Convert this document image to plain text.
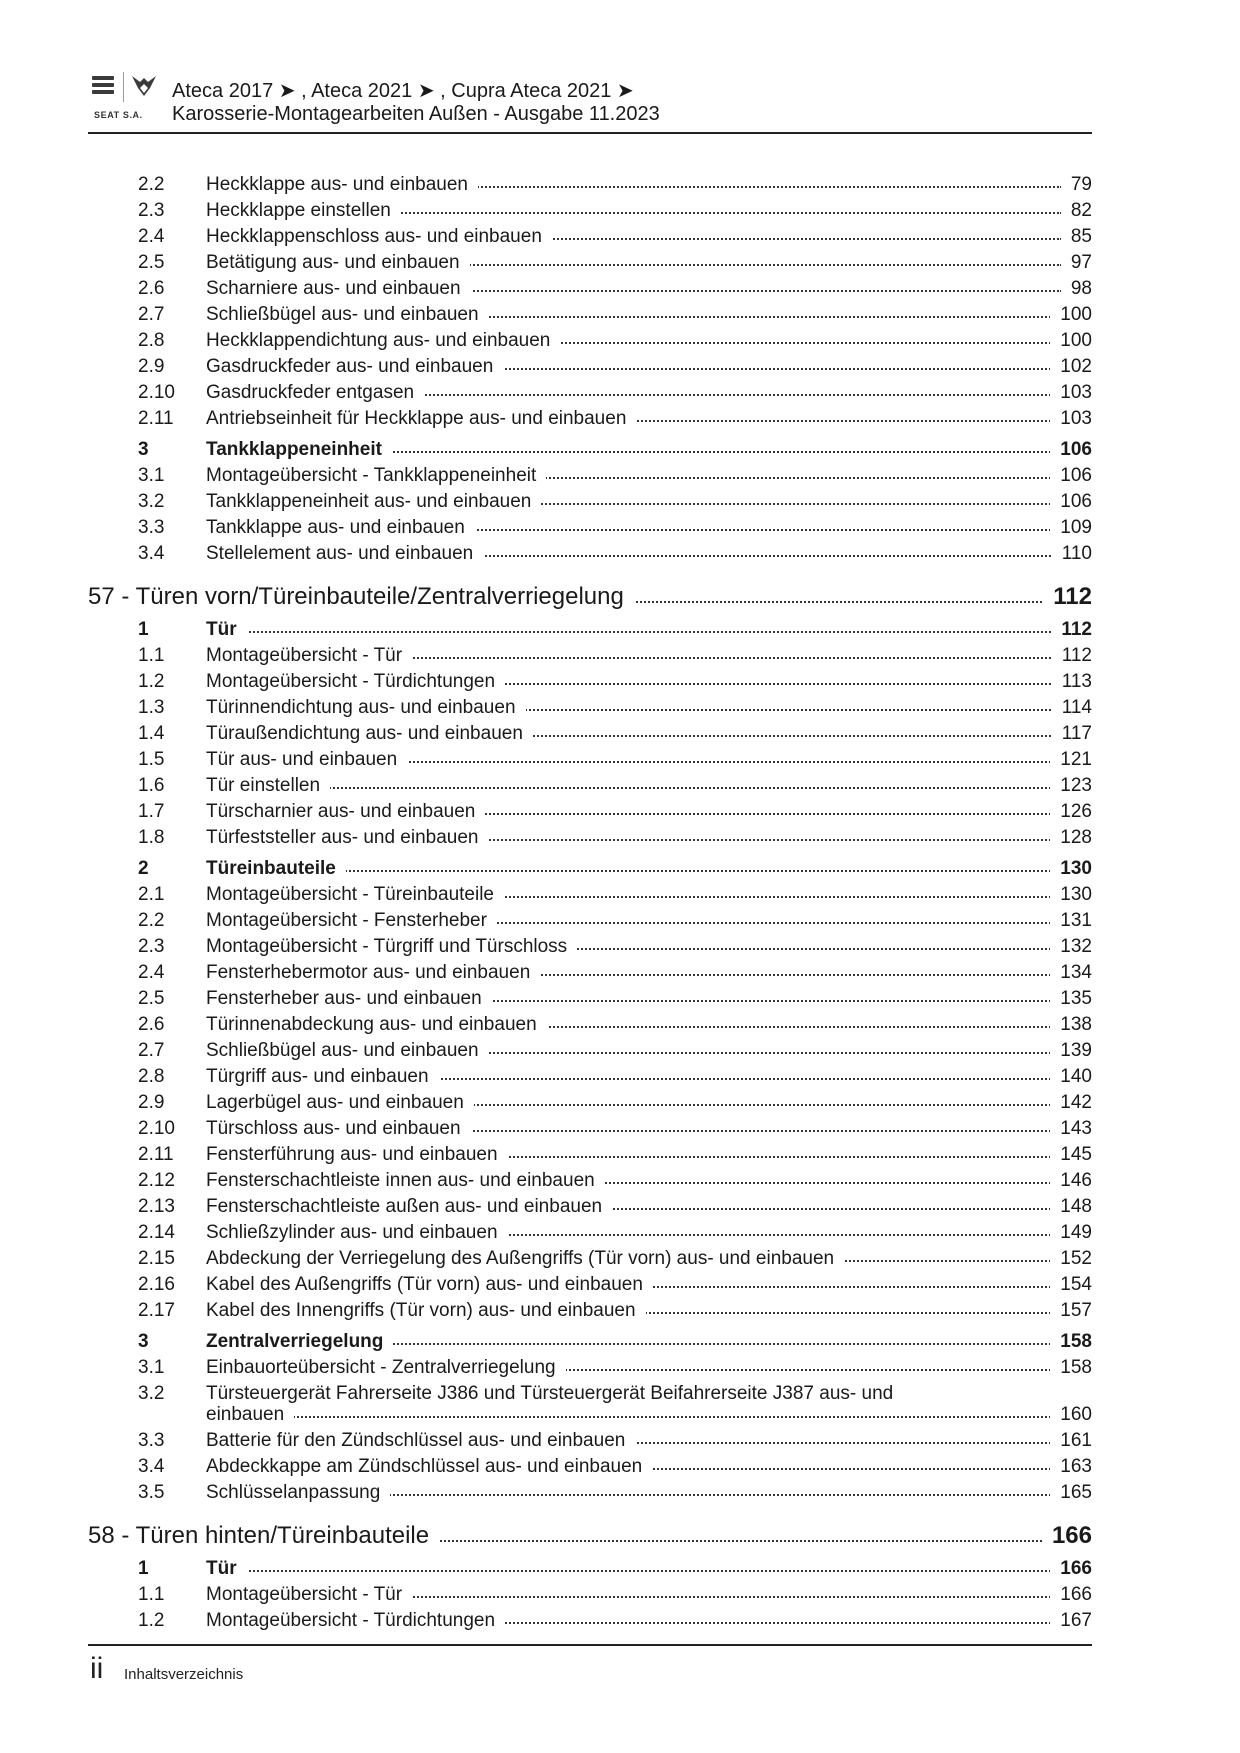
SEAT S.A.
Ateca 2017 ➤ , Ateca 2021 ➤ , Cupra Ateca 2021 ➤
Karosserie-Montagearbeiten Außen - Ausgabe 11.2023
2.2 Heckklappe aus- und einbauen	79
2.3 Heckklappe einstellen	82
2.4 Heckklappenschloss aus- und einbauen	85
2.5 Betätigung aus- und einbauen	97
2.6 Scharniere aus- und einbauen	98
2.7 Schließbügel aus- und einbauen	100
2.8 Heckklappendichtung aus- und einbauen	100
2.9 Gasdruckfeder aus- und einbauen	102
2.10 Gasdruckfeder entgasen	103
2.11 Antriebseinheit für Heckklappe aus- und einbauen	103
3	Tankklappeneinheit	106
3.1 Montageübersicht - Tankklappeneinheit	106
3.2 Tankklappeneinheit aus- und einbauen	106
3.3 Tankklappe aus- und einbauen	109
3.4 Stellelement aus- und einbauen	110
57 - Türen vorn/Türeinbauteile/Zentralverriegelung	112
1	Tür	112
1.1 Montageübersicht - Tür	112
1.2 Montageübersicht - Türdichtungen	113
1.3 Türinnendichtung aus- und einbauen	114
1.4 Türaußendichtung aus- und einbauen	117
1.5 Tür aus- und einbauen	121
1.6 Tür einstellen	123
1.7 Türscharnier aus- und einbauen	126
1.8 Türfeststeller aus- und einbauen	128
2	Türeinbauteile	130
2.1 Montageübersicht - Türeinbauteile	130
2.2 Montageübersicht - Fensterheber	131
2.3 Montageübersicht - Türgriff und Türschloss	132
2.4 Fensterhebermotor aus- und einbauen	134
2.5 Fensterheber aus- und einbauen	135
2.6 Türinnenabdeckung aus- und einbauen	138
2.7 Schließbügel aus- und einbauen	139
2.8 Türgriff aus- und einbauen	140
2.9 Lagerbügel aus- und einbauen	142
2.10 Türschloss aus- und einbauen	143
2.11 Fensterführung aus- und einbauen	145
2.12 Fensterschachtleiste innen aus- und einbauen	146
2.13 Fensterschachtleiste außen aus- und einbauen	148
2.14 Schließzylinder aus- und einbauen	149
2.15 Abdeckung der Verriegelung des Außengriffs (Tür vorn) aus- und einbauen	152
2.16 Kabel des Außengriffs (Tür vorn) aus- und einbauen	154
2.17 Kabel des Innengriffs (Tür vorn) aus- und einbauen	157
3	Zentralverriegelung	158
3.1 Einbauorteübersicht - Zentralverriegelung	158
3.2 Türsteuergerät Fahrerseite J386 und Türsteuergerät Beifahrerseite J387 aus- und
einbauen	160
3.3 Batterie für den Zündschlüssel aus- und einbauen	161
3.4 Abdeckkappe am Zündschlüssel aus- und einbauen	163
3.5 Schlüsselanpassung	165
58 - Türen hinten/Türeinbauteile	166
1	Tür	166
1.1 Montageübersicht - Tür	166
1.2 Montageübersicht - Türdichtungen	167
ii Inhaltsverzeichnis
